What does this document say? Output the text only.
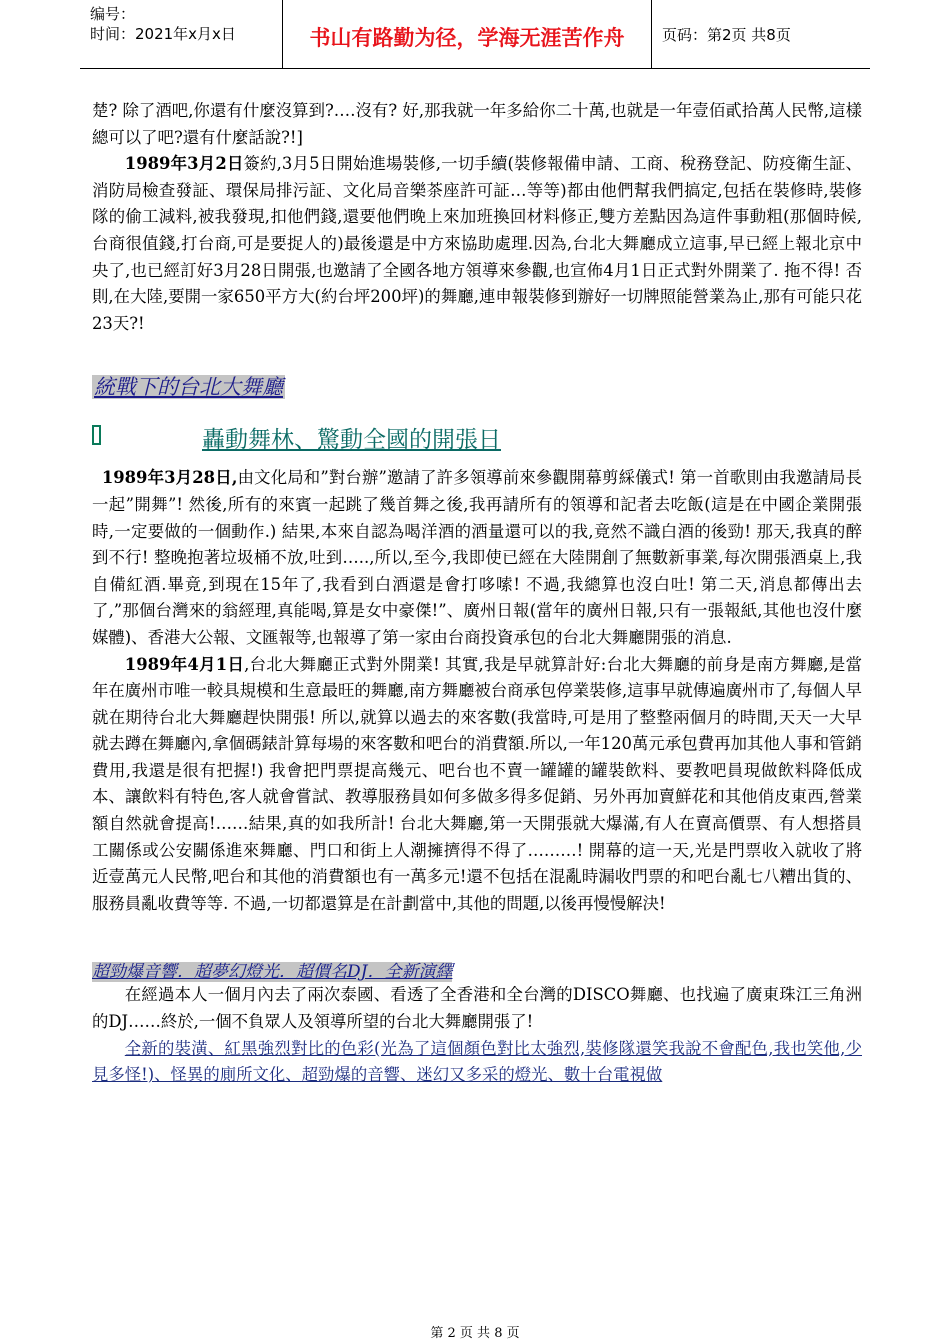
编号：
时间：2021年x月x日	书山有路勤为径，学海无涯苦作舟	页码：第2页 共8页

楚? 除了酒吧,你還有什麼沒算到?….沒有? 好,那我就一年多給你二十萬,也就是一年壹佰貳拾萬人民幣,這樣總可以了吧?還有什麼話說?!]

1989年3月2日簽約,3月5日開始進場裝修,一切手續(裝修報備申請、工商、稅務登記、防疫衛生証、消防局檢查發証、環保局排污証、文化局音樂茶座許可証…等等)都由他們幫我們搞定,包括在裝修時,裝修隊的偷工減料,被我發現,扣他們錢,還要他們晚上來加班換回材料修正,雙方差點因為這件事動粗(那個時候,台商很值錢,打台商,可是要捉人的)最後還是中方來協助處理.因為,台北大舞廳成立這事,早已經上報北京中央了,也已經訂好3月28日開張,也邀請了全國各地方領導來參觀,也宣佈4月1日正式對外開業了. 拖不得! 否則,在大陸,要開一家650平方大(約台坪200坪)的舞廳,連申報裝修到辦好一切牌照能營業為止,那有可能只花23天?!

統戰下的台北大舞廳
轟動舞林、驚動全國的開張日

1989年3月28日,由文化局和”對台辦”邀請了許多領導前來參觀開幕剪綵儀式! 第一首歌則由我邀請局長一起”開舞”! 然後,所有的來賓一起跳了幾首舞之後,我再請所有的領導和記者去吃飯(這是在中國企業開張時,一定要做的一個動作.) 結果,本來自認為喝洋酒的酒量還可以的我,竟然不識白酒的後勁! 那天,我真的醉到不行! 整晚抱著垃圾桶不放,吐到…..,所以,至今,我即使已經在大陸開創了無數新事業,每次開張酒桌上,我自備紅酒.畢竟,到現在15年了,我看到白酒還是會打哆嗦! 不過,我總算也沒白吐! 第二天,消息都傳出去了,”那個台灣來的翁經理,真能喝,算是女中豪傑!”、廣州日報(當年的廣州日報,只有一張報紙,其他也沒什麼媒體)、香港大公報、文匯報等,也報導了第一家由台商投資承包的台北大舞廳開張的消息.

1989年4月1日,台北大舞廳正式對外開業! 其實,我是早就算計好:台北大舞廳的前身是南方舞廳,是當年在廣州市唯一較具規模和生意最旺的舞廳,南方舞廳被台商承包停業裝修,這事早就傳遍廣州市了,每個人早就在期待台北大舞廳趕快開張! 所以,就算以過去的來客數(我當時,可是用了整整兩個月的時間,天天一大早就去蹲在舞廳內,拿個碼錶計算每場的來客數和吧台的消費額.所以,一年120萬元承包費再加其他人事和管銷費用,我還是很有把握!) 我會把門票提高幾元、吧台也不賣一罐罐的罐裝飲料、要教吧員現做飲料降低成本、讓飲料有特色,客人就會嘗試、教導服務員如何多做多得多促銷、另外再加賣鮮花和其他俏皮東西,營業額自然就會提高!……結果,真的如我所計! 台北大舞廳,第一天開張就大爆滿,有人在賣高價票、有人想搭員工關係或公安關係進來舞廳、門口和街上人潮擁擠得不得了………! 開幕的這一天,光是門票收入就收了將近壹萬元人民幣,吧台和其他的消費額也有一萬多元!還不包括在混亂時漏收門票的和吧台亂七八糟出貨的、服務員亂收費等等. 不過,一切都還算是在計劃當中,其他的問題,以後再慢慢解決!

超勁爆音響．超夢幻燈光．超價名DJ．全新演繹

在經過本人一個月內去了兩次泰國、看透了全香港和全台灣的DISCO舞廳、也找遍了廣東珠江三角洲的DJ……終於,一個不負眾人及領導所望的台北大舞廳開張了!

全新的裝潢、紅黑強烈對比的色彩(光為了這個顏色對比太強烈,裝修隊還笑我說不會配色,我也笑他,少見多怪!)、怪異的廁所文化、超勁爆的音響、迷幻又多采的燈光、數十台電視做

第 2 页 共 8 页
